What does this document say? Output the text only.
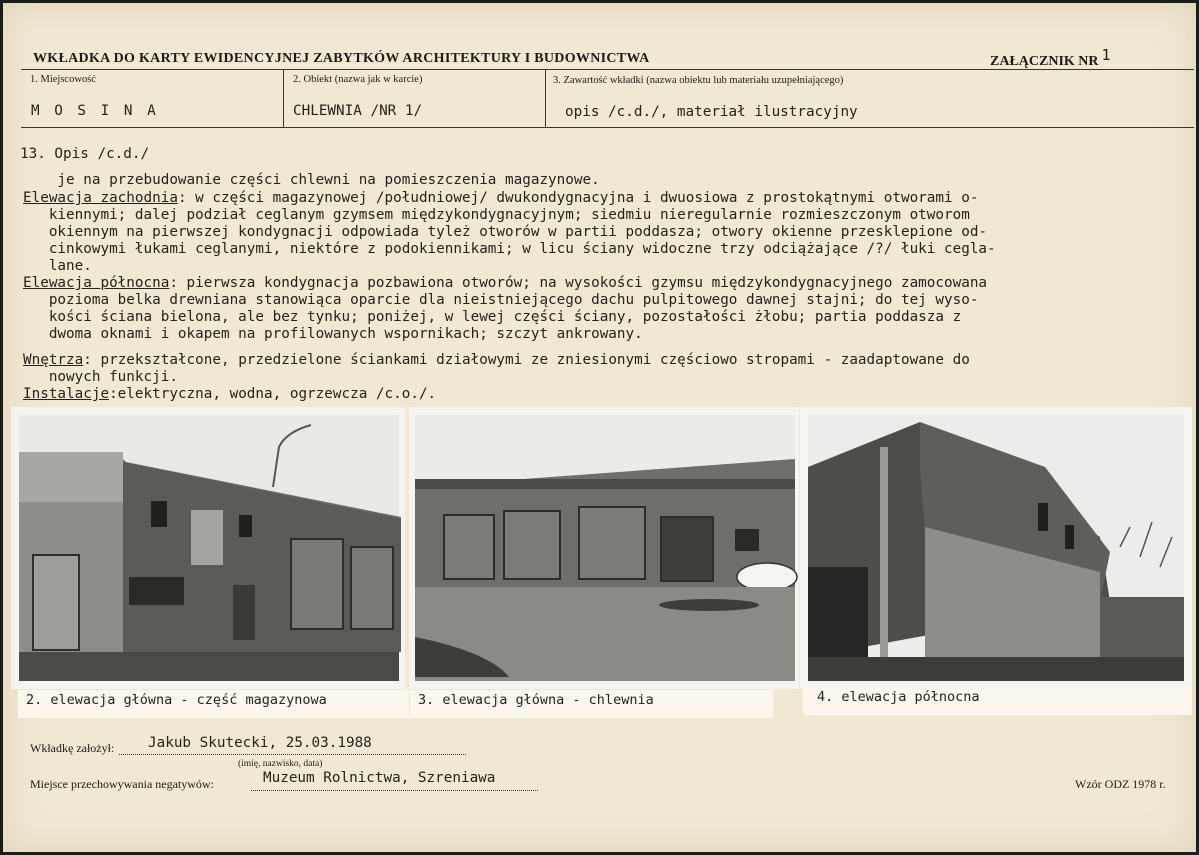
WKŁADKA DO KARTY EWIDENCYJNEJ ZABYTKÓW ARCHITEKTURY I BUDOWNICTWA	ZAŁĄCZNIK NR 1
1. Miejscowość	2. Obiekt (nazwa jak w karcie)	3. Zawartość wkładki (nazwa obiektu lub materiału uzupełniającego)
M O S I N A	CHLEWNIA /NR 1/	opis /c.d./, materiał ilustracyjny
13. Opis /c.d./
je na przebudowanie części chlewni na pomieszczenia magazynowe.
Elewacja zachodnia: w części magazynowej /południowej/ dwukondygnacyjna i dwuosiowa z prostokątnymi otworami o-
kiennymi; dalej podział ceglanym gzymsem międzykondygnacyjnym; siedmiu nieregularnie rozmieszczonym otworom
okiennym na pierwszej kondygnacji odpowiada tyleż otworów w partii poddasza; otwory okienne przesklepione od-
cinkowymi łukami ceglanymi, niektóre z podokiennikami; w licu ściany widoczne trzy odciążające /?/ łuki cegla-
lane.
Elewacja północna: pierwsza kondygnacja pozbawiona otworów; na wysokości gzymsu międzykondygnacyjnego zamocowana
pozioma belka drewniana stanowiąca oparcie dla nieistniejącego dachu pulpitowego dawnej stajni; do tej wyso-
kości ściana bielona, ale bez tynku; poniżej, w lewej części ściany, pozostałości żłobu; partia poddasza z
dwoma oknami i okapem na profilowanych wspornikach; szczyt ankrowany.
Wnętrza: przekształcone, przedzielone ściankami działowymi ze zniesionymi częściowo stropami - zaadaptowane do
nowych funkcji.
Instalacje:elektryczna, wodna, ogrzewcza /c.o./.
2. elewacja główna - część magazynowa	3. elewacja główna - chlewnia	4. elewacja północna
Wkładkę założył: Jakub Skutecki, 25.03.1988
(imię, nazwisko, data)
Miejsce przechowywania negatywów:	Muzeum Rolnictwa, Szreniawa	Wzór ODZ 1978 r.
